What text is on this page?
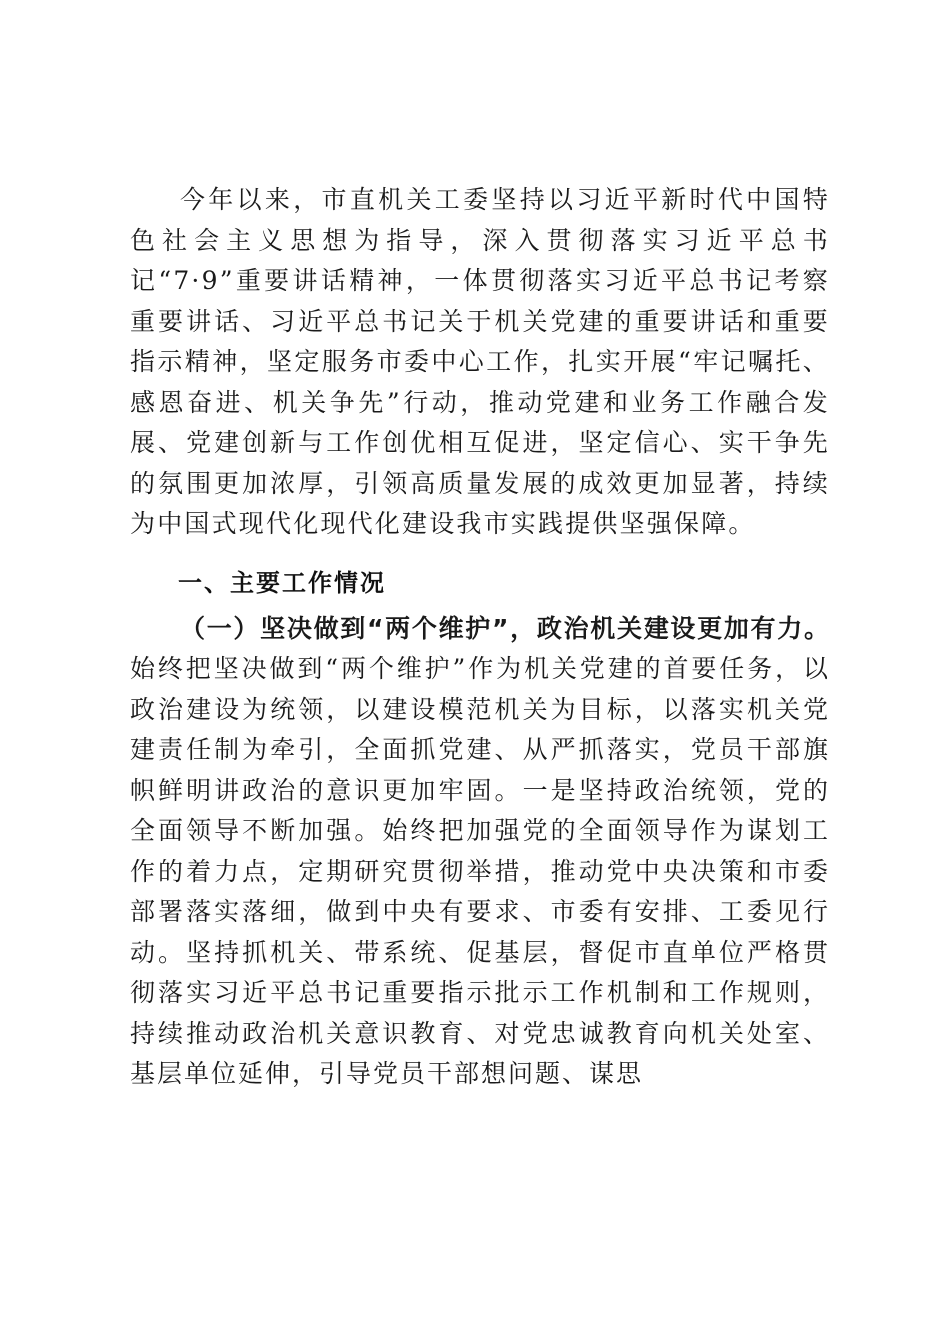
今年以来，市直机关工委坚持以习近平新时代中国特色社会主义思想为指导，深入贯彻落实习近平总书记“7·9”重要讲话精神，一体贯彻落实习近平总书记考察重要讲话、习近平总书记关于机关党建的重要讲话和重要指示精神，坚定服务市委中心工作，扎实开展“牢记嘱托、感恩奋进、机关争先”行动，推动党建和业务工作融合发展、党建创新与工作创优相互促进，坚定信心、实干争先的氛围更加浓厚，引领高质量发展的成效更加显著，持续为中国式现代化现代化建设我市实践提供坚强保障。

一、主要工作情况

（一）坚决做到“两个维护”，政治机关建设更加有力。始终把坚决做到“两个维护”作为机关党建的首要任务，以政治建设为统领，以建设模范机关为目标，以落实机关党建责任制为牵引，全面抓党建、从严抓落实，党员干部旗帜鲜明讲政治的意识更加牢固。一是坚持政治统领，党的全面领导不断加强。始终把加强党的全面领导作为谋划工作的着力点，定期研究贯彻举措，推动党中央决策和市委部署落实落细，做到中央有要求、市委有安排、工委见行动。坚持抓机关、带系统、促基层，督促市直单位严格贯彻落实习近平总书记重要指示批示工作机制和工作规则，持续推动政治机关意识教育、对党忠诚教育向机关处室、基层单位延伸，引导党员干部想问题、谋思
